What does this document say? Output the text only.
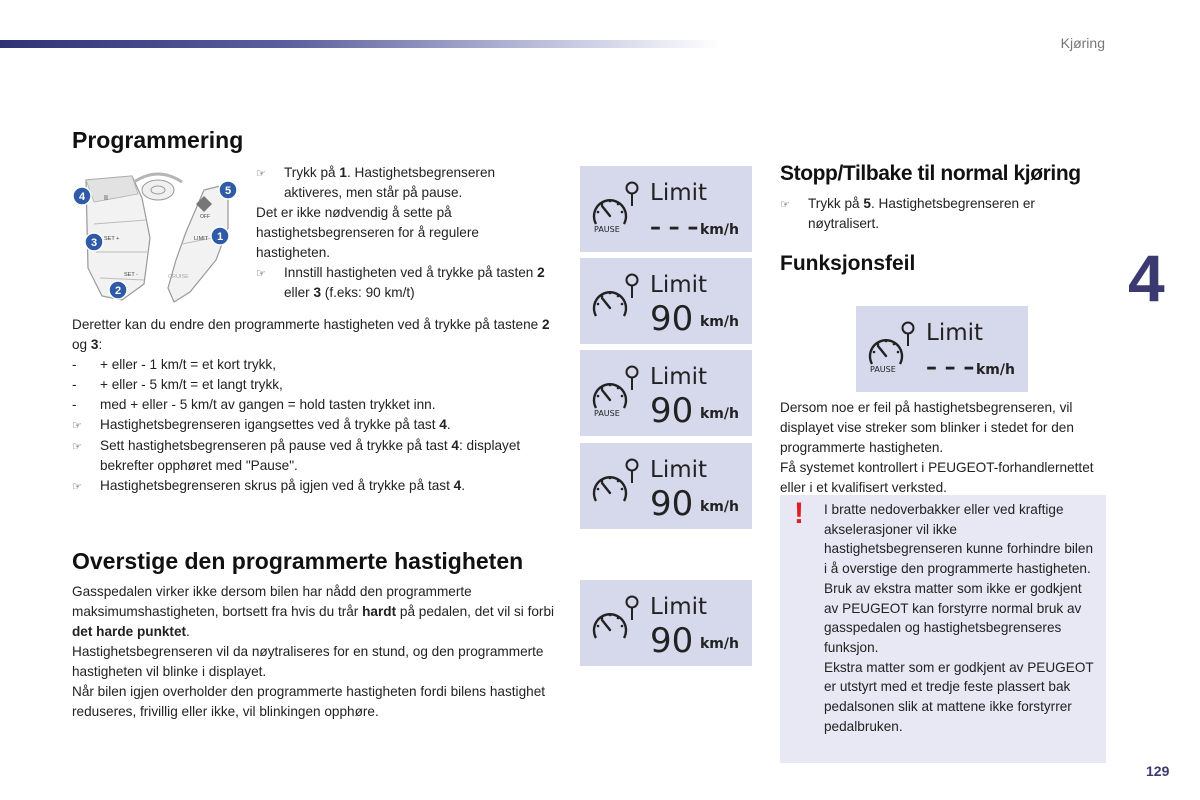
Kjøring
4
129
Programmering
II
SET +
SET -
OFF
LIMIT
CRUISE
4
3
2
5
1
☞	Trykk på 1. Hastighetsbegrenseren aktiveres, men står på pause.

Det er ikke nødvendig å sette på hastighetsbegrenseren for å regulere hastigheten.

☞	Innstill hastigheten ved å trykke på tasten 2 eller 3 (f.eks: 90 km/t)

Deretter kan du endre den programmerte hastigheten ved å trykke på tastene 2 og 3:

-	+ eller - 1 km/t = et kort trykk,
-	+ eller - 5 km/t = et langt trykk,
-	med + eller - 5 km/t av gangen = hold tasten trykket inn.
☞	Hastighetsbegrenseren igangsettes ved å trykke på tast 4.
☞	Sett hastighetsbegrenseren på pause ved å trykke på tast 4: displayet bekrefter opphøret med "Pause".
☞	Hastighetsbegrenseren skrus på igjen ved å trykke på tast 4.
Overstige den programmerte hastigheten

Gasspedalen virker ikke dersom bilen har nådd den programmerte maksimumshastigheten, bortsett fra hvis du trår hardt på pedalen, det vil si forbi det harde punktet.

Hastighetsbegrenseren vil da nøytraliseres for en stund, og den programmerte hastigheten vil blinke i displayet.

Når bilen igjen overholder den programmerte hastigheten fordi bilens hastighet reduseres, frivillig eller ikke, vil blinkingen opphøre.

Limit
PAUSE – – – km/h
Limit
90 km/h
Limit
PAUSE 90 km/h
Limit
90 km/h
Limit
90 km/h
Limit
PAUSE – – – km/h
Stopp/Tilbake til normal kjøring
☞	Trykk på 5. Hastighetsbegrenseren er nøytralisert.
Funksjonsfeil

Dersom noe er feil på hastighetsbegrenseren, vil displayet vise streker som blinker i stedet for den programmerte hastigheten.

Få systemet kontrollert i PEUGEOT-forhandlernettet eller i et kvalifisert verksted.

! I bratte nedoverbakker eller ved kraftige akselerasjoner vil ikke hastighetsbegrenseren kunne forhindre bilen i å overstige den programmerte hastigheten.
Bruk av ekstra matter som ikke er godkjent av PEUGEOT kan forstyrre normal bruk av gasspedalen og hastighetsbegrenseres funksjon.
Ekstra matter som er godkjent av PEUGEOT er utstyrt med et tredje feste plassert bak pedalsonen slik at mattene ikke forstyrrer pedalbruken.
